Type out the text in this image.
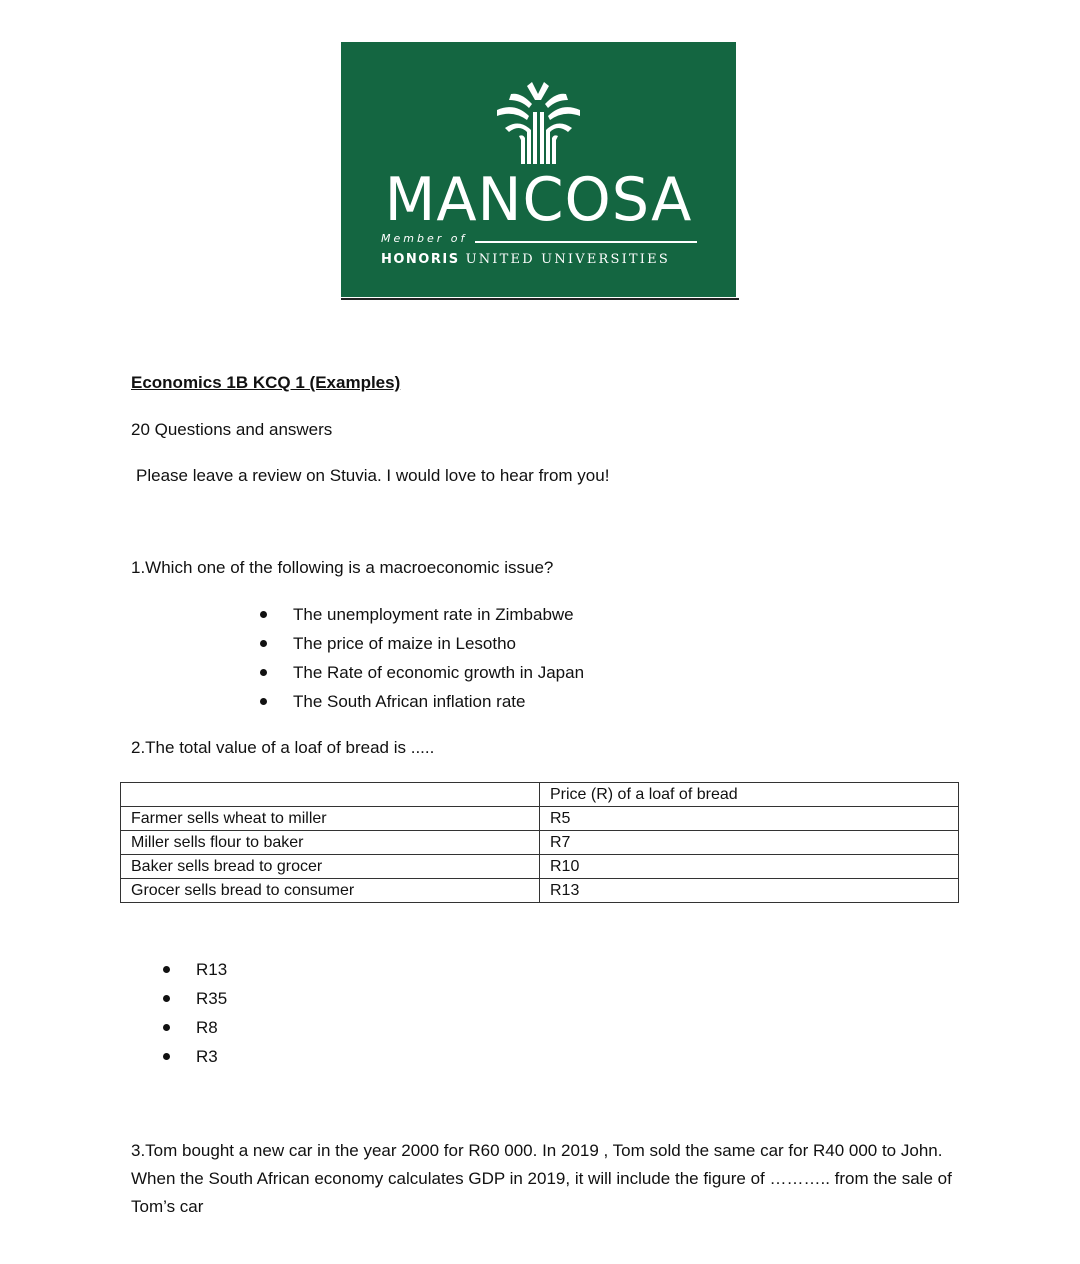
MANCOSA
Member of
HONORIS UNITED UNIVERSITIES
Economics 1B KCQ 1 (Examples)
20 Questions and answers
Please leave a review on Stuvia. I would love to hear from you!
1.Which one of the following is a macroeconomic issue?
The unemployment rate in Zimbabwe
The price of maize in Lesotho
The Rate of economic growth in Japan
The South African inflation rate
2.The total value of a loaf of bread is .....
	Price (R) of a loaf of bread
Farmer sells wheat to miller	R5
Miller sells flour to baker	R7
Baker sells bread to grocer	R10
Grocer sells bread to consumer	R13
R13
R35
R8
R3
3.Tom bought a new car in the year 2000 for R60 000. In 2019 , Tom sold the same car for R40 000 to John. When the South African economy calculates GDP in 2019, it will include the figure of ……….. from the sale of Tom’s car
